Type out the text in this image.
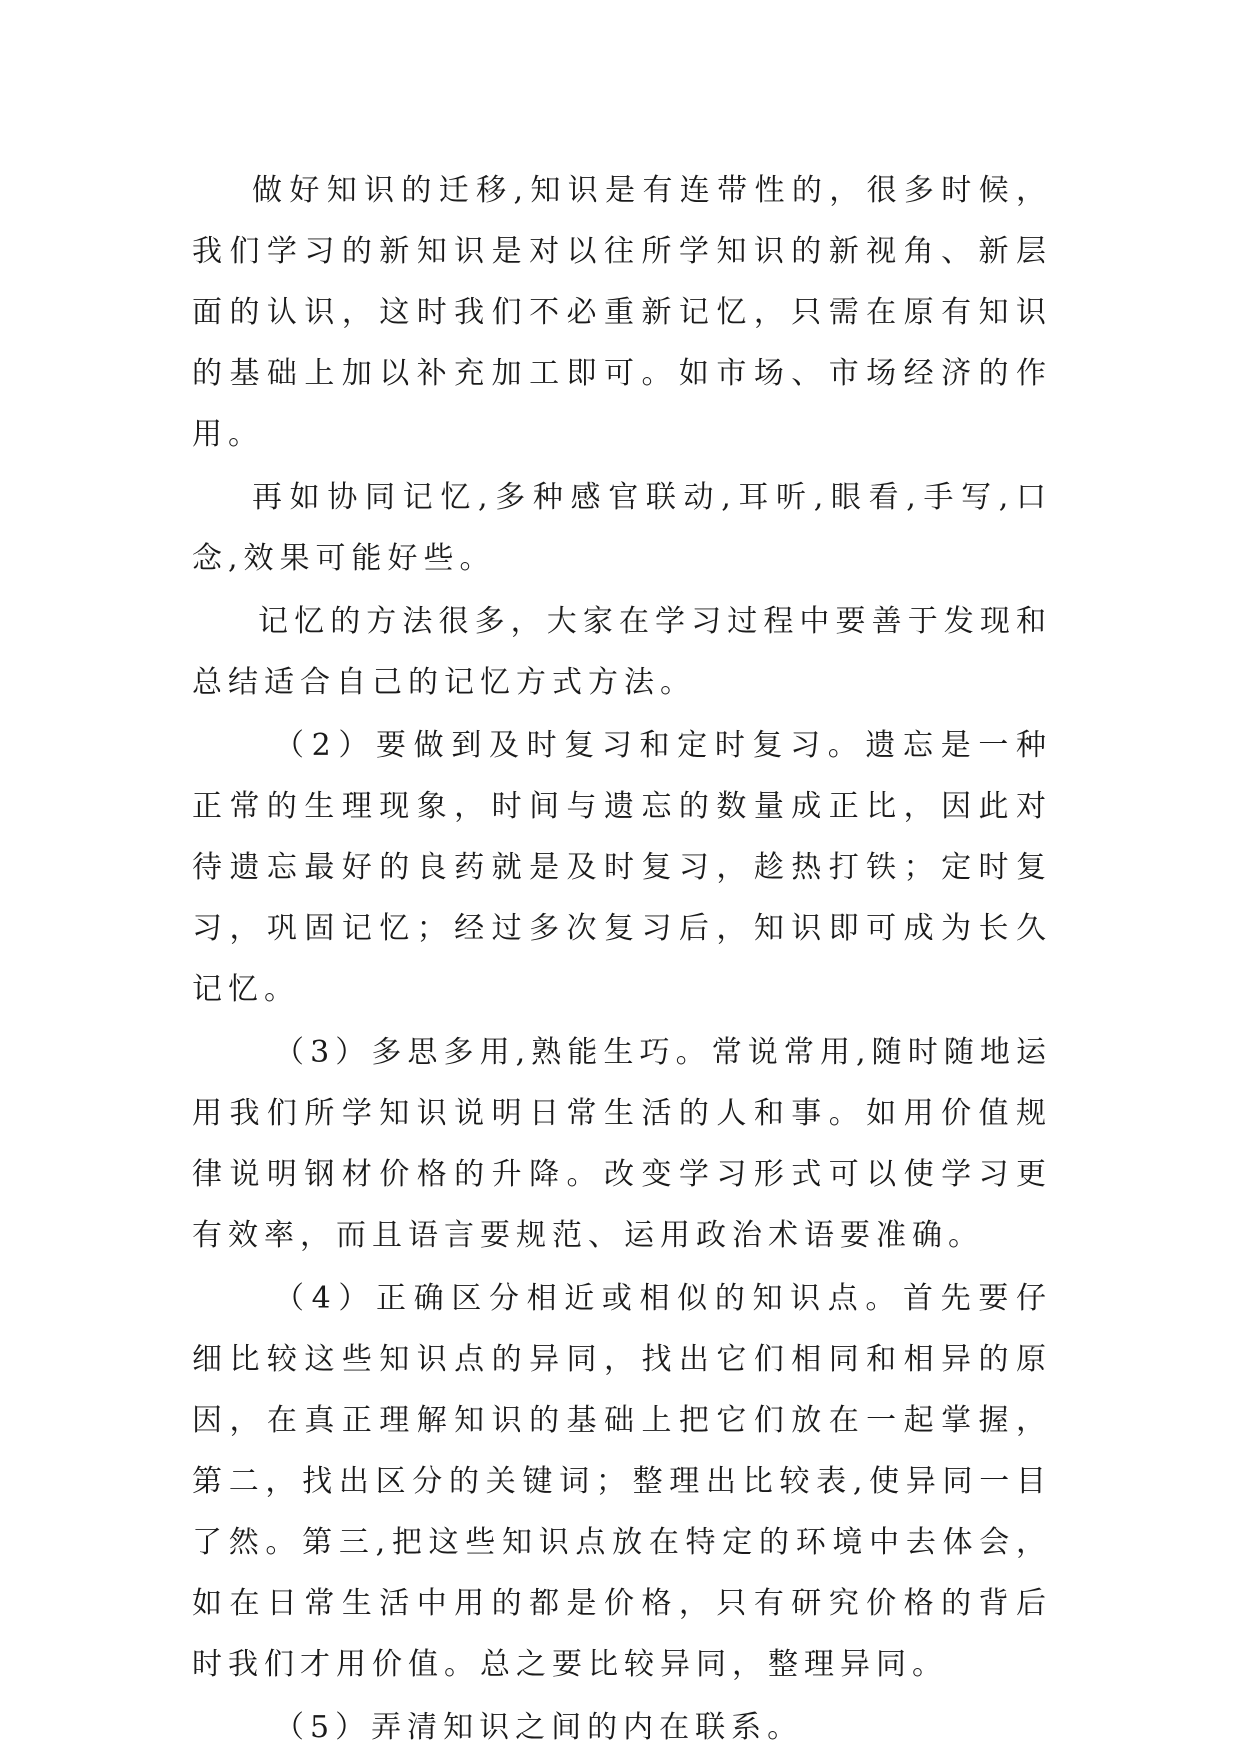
做好知识的迁移,知识是有连带性的，很多时候，我们学习的新知识是对以往所学知识的新视角、新层面的认识，这时我们不必重新记忆，只需在原有知识的基础上加以补充加工即可。如市场、市场经济的作用。

再如协同记忆,多种感官联动,耳听,眼看,手写,口念,效果可能好些。

记忆的方法很多，大家在学习过程中要善于发现和总结适合自己的记忆方式方法。

（2）要做到及时复习和定时复习。遗忘是一种正常的生理现象，时间与遗忘的数量成正比，因此对待遗忘最好的良药就是及时复习，趁热打铁；定时复习，巩固记忆；经过多次复习后，知识即可成为长久记忆。

（3）多思多用,熟能生巧。常说常用,随时随地运用我们所学知识说明日常生活的人和事。如用价值规律说明钢材价格的升降。改变学习形式可以使学习更有效率，而且语言要规范、运用政治术语要准确。

（4）正确区分相近或相似的知识点。首先要仔细比较这些知识点的异同，找出它们相同和相异的原因，在真正理解知识的基础上把它们放在一起掌握，第二，找出区分的关键词；整理出比较表,使异同一目了然。第三,把这些知识点放在特定的环境中去体会，如在日常生活中用的都是价格，只有研究价格的背后时我们才用价值。总之要比较异同，整理异同。

（5）弄清知识之间的内在联系。
